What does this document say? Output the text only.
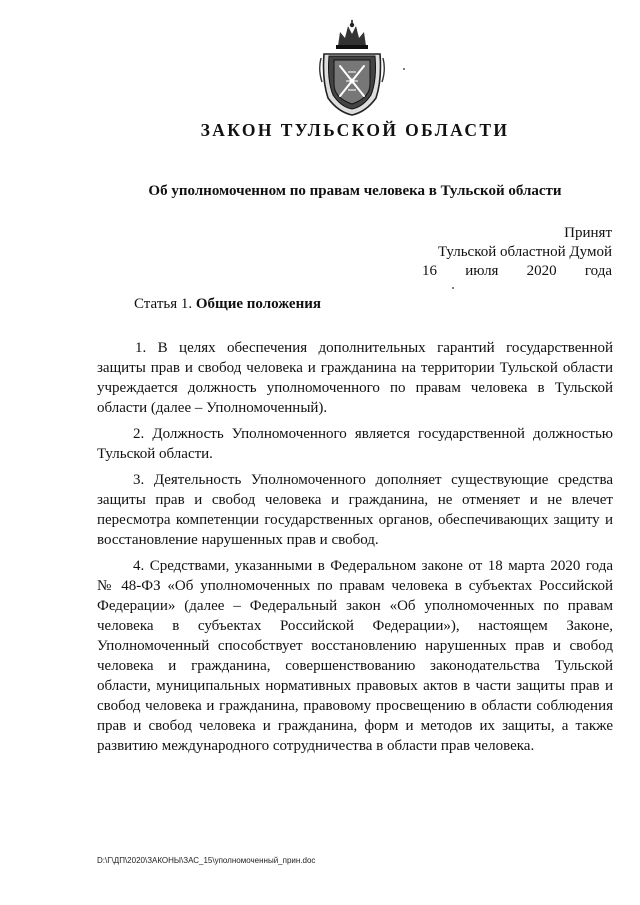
ЗАКОН ТУЛЬСКОЙ ОБЛАСТИ
Об уполномоченном по правам человека в Тульской области
Принят
Тульской областной Думой
16 июля 2020 года
Статья 1. Общие положения

1. В целях обеспечения дополнительных гарантий государственной защиты прав и свобод человека и гражданина на территории Тульской области учреждается должность уполномоченного по правам человека в Тульской области (далее – Уполномоченный).

2. Должность Уполномоченного является государственной должностью Тульской области.

3. Деятельность Уполномоченного дополняет существующие средства защиты прав и свобод человека и гражданина, не отменяет и не влечет пересмотра компетенции государственных органов, обеспечивающих защиту и восстановление нарушенных прав и свобод.

4. Средствами, указанными в Федеральном законе от 18 марта 2020 года № 48-ФЗ «Об уполномоченных по правам человека в субъектах Российской Федерации» (далее – Федеральный закон «Об уполномоченных по правам человека в субъектах Российской Федерации»), настоящем Законе, Уполномоченный способствует восстановлению нарушенных прав и свобод человека и гражданина, совершенствованию законодательства Тульской области, муниципальных нормативных правовых актов в части защиты прав и свобод человека и гражданина, правовому просвещению в области соблюдения прав и свобод человека и гражданина, форм и методов их защиты, а также развитию международного сотрудничества в области прав человека.

D:\Г\ДП\2020\ЗАКОНЫ\ЗАС_15\уполномоченный_прин.doc
